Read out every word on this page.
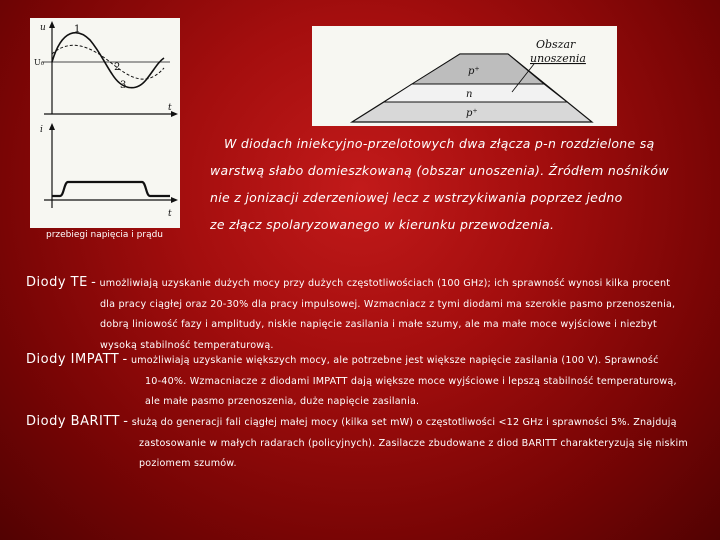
1
2
3
u
U₀
t
i
t
przebiegi napięcia i prądu
p⁺
n
p⁺
Obszar
unoszenia
W diodach iniekcyjno-przelotowych dwa złącza p-n rozdzielone są
warstwą słabo domieszkowaną (obszar unoszenia). Źródłem nośników
nie z jonizacji zderzeniowej lecz z wstrzykiwania poprzez jedno
ze złącz spolaryzowanego w kierunku przewodzenia.
Diody TE - umożliwiają uzyskanie dużych mocy przy dużych częstotliwościach (100 GHz); ich sprawność wynosi kilka procent
dla pracy ciągłej oraz 20-30% dla pracy impulsowej. Wzmacniacz z tymi diodami ma szerokie pasmo przenoszenia,
dobrą liniowość fazy i amplitudy, niskie napięcie zasilania i małe szumy, ale ma małe moce wyjściowe i niezbyt
wysoką stabilność temperaturową.
Diody IMPATT - umożliwiają uzyskanie większych mocy, ale potrzebne jest większe napięcie zasilania (100 V). Sprawność
10-40%. Wzmacniacze z diodami IMPATT dają większe moce wyjściowe i lepszą stabilność temperaturową,
ale małe pasmo przenoszenia, duże napięcie zasilania.
Diody BARITT - służą do generacji fali ciągłej małej mocy (kilka set mW) o częstotliwości <12 GHz i sprawności 5%. Znajdują
zastosowanie w małych radarach (policyjnych). Zasilacze zbudowane z diod BARITT charakteryzują się niskim
poziomem szumów.
